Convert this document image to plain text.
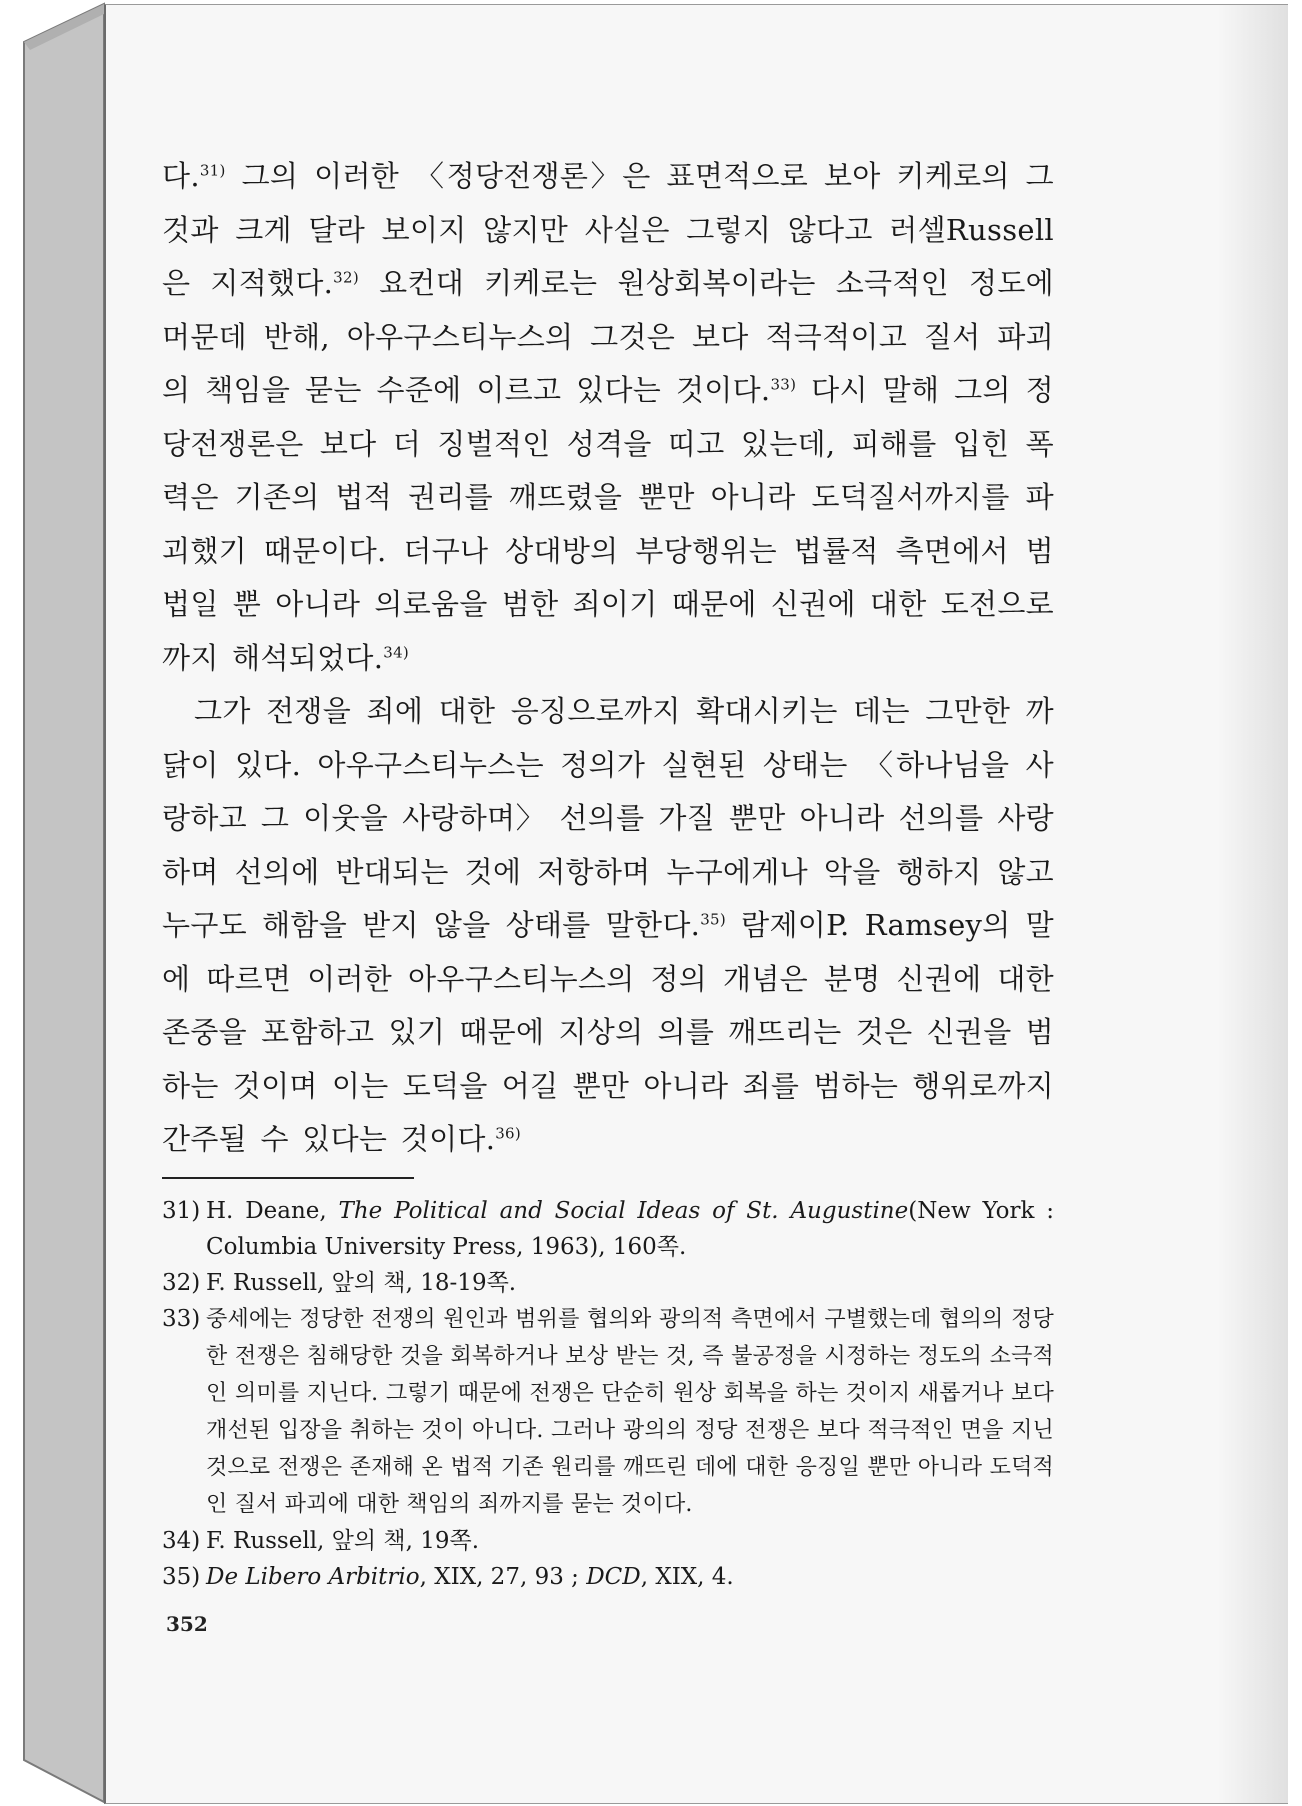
다.$^{31)}$ 그의 이러한 〈정당전쟁론〉은 표면적으로 보아 키케로의 그것과 크게 달라 보이지 않지만 사실은 그렇지 않다고 러셀Russell은 지적했다.$^{32)}$ 요컨대 키케로는 원상회복이라는 소극적인 정도에 머문데 반해, 아우구스티누스의 그것은 보다 적극적이고 질서 파괴의 책임을 묻는 수준에 이르고 있다는 것이다.$^{33)}$ 다시 말해 그의 정당전쟁론은 보다 더 징벌적인 성격을 띠고 있는데, 피해를 입힌 폭력은 기존의 법적 권리를 깨뜨렸을 뿐만 아니라 도덕질서까지를 파괴했기 때문이다. 더구나 상대방의 부당행위는 법률적 측면에서 범법일 뿐 아니라 의로움을 범한 죄이기 때문에 신권에 대한 도전으로까지 해석되었다.$^{34)}$

그가 전쟁을 죄에 대한 응징으로까지 확대시키는 데는 그만한 까닭이 있다. 아우구스티누스는 정의가 실현된 상태는 〈하나님을 사랑하고 그 이웃을 사랑하며〉 선의를 가질 뿐만 아니라 선의를 사랑하며 선의에 반대되는 것에 저항하며 누구에게나 악을 행하지 않고 누구도 해함을 받지 않을 상태를 말한다.$^{35)}$ 람제이P. Ramsey의 말에 따르면 이러한 아우구스티누스의 정의 개념은 분명 신권에 대한 존중을 포함하고 있기 때문에 지상의 의를 깨뜨리는 것은 신권을 범하는 것이며 이는 도덕을 어길 뿐만 아니라 죄를 범하는 행위로까지 간주될 수 있다는 것이다.$^{36)}$

31) H. Deane, The Political and Social Ideas of St. Augustine(New York : Columbia University Press, 1963), 160쪽.
32) F. Russell, 앞의 책, 18-19쪽.
33) 중세에는 정당한 전쟁의 원인과 범위를 협의와 광의적 측면에서 구별했는데 협의의 정당한 전쟁은 침해당한 것을 회복하거나 보상 받는 것, 즉 불공정을 시정하는 정도의 소극적인 의미를 지닌다. 그렇기 때문에 전쟁은 단순히 원상 회복을 하는 것이지 새롭거나 보다 개선된 입장을 취하는 것이 아니다. 그러나 광의의 정당 전쟁은 보다 적극적인 면을 지닌 것으로 전쟁은 존재해 온 법적 기존 원리를 깨뜨린 데에 대한 응징일 뿐만 아니라 도덕적인 질서 파괴에 대한 책임의 죄까지를 묻는 것이다.
34) F. Russell, 앞의 책, 19쪽.
35) De Libero Arbitrio, XIX, 27, 93 ; DCD, XIX, 4.
352
